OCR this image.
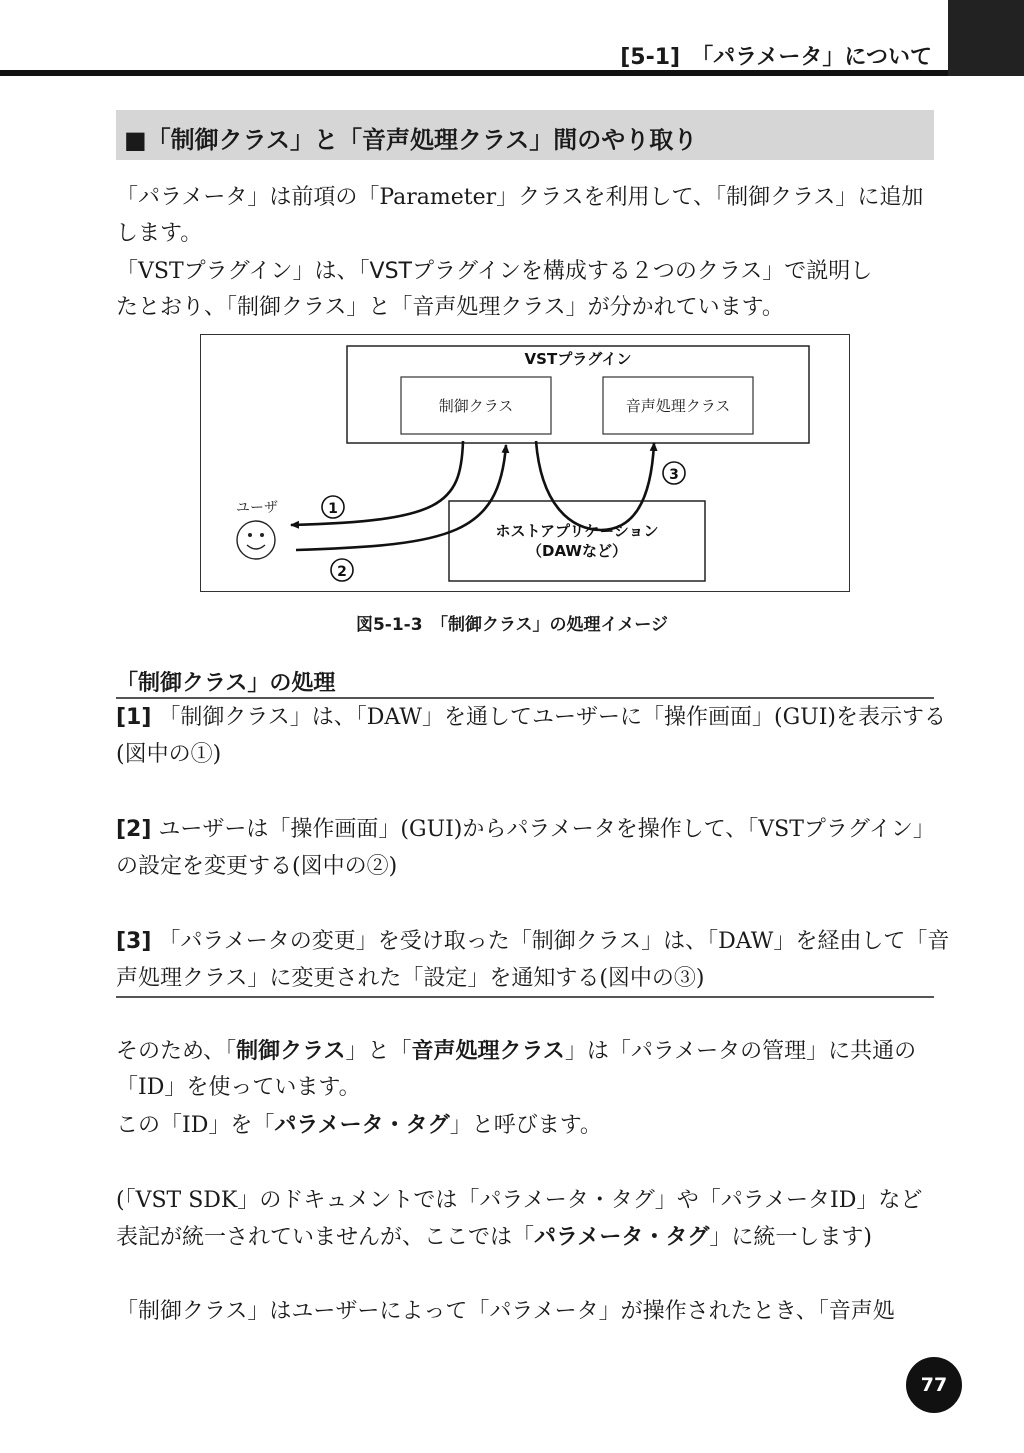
[5-1]　「パラメータ」について
■「制御クラス」と「音声処理クラス」間のやり取り
「パラメータ」は前項の「Parameter」クラスを利用して、「制御クラス」に追加
します。
「VSTプラグイン」は、「VSTプラグインを構成する２つのクラス」で説明し
たとおり、「制御クラス」と「音声処理クラス」が分かれています。
VSTプラグイン
制御クラス	音声処理クラス
ホストアプリケーション
（DAWなど）
ユーザ	1
2
3
図5-1-3　「制御クラス」の処理イメージ
「制御クラス」の処理
[1] 「制御クラス」は、「DAW」を通してユーザーに「操作画面」(GUI)を表示する
(図中の①)
[2] ユーザーは「操作画面」(GUI)からパラメータを操作して、「VSTプラグイン」
の設定を変更する(図中の②)
[3] 「パラメータの変更」を受け取った「制御クラス」は、「DAW」を経由して「音
声処理クラス」に変更された「設定」を通知する(図中の③)
そのため、「制御クラス」と「音声処理クラス」は「パラメータの管理」に共通の
「ID」を使っています。
この「ID」を「パラメータ・タグ」と呼びます。
(「VST SDK」のドキュメントでは「パラメータ・タグ」や「パラメータID」など
表記が統一されていませんが、ここでは「パラメータ・タグ」に統一します)
「制御クラス」はユーザーによって「パラメータ」が操作されたとき、「音声処
77
